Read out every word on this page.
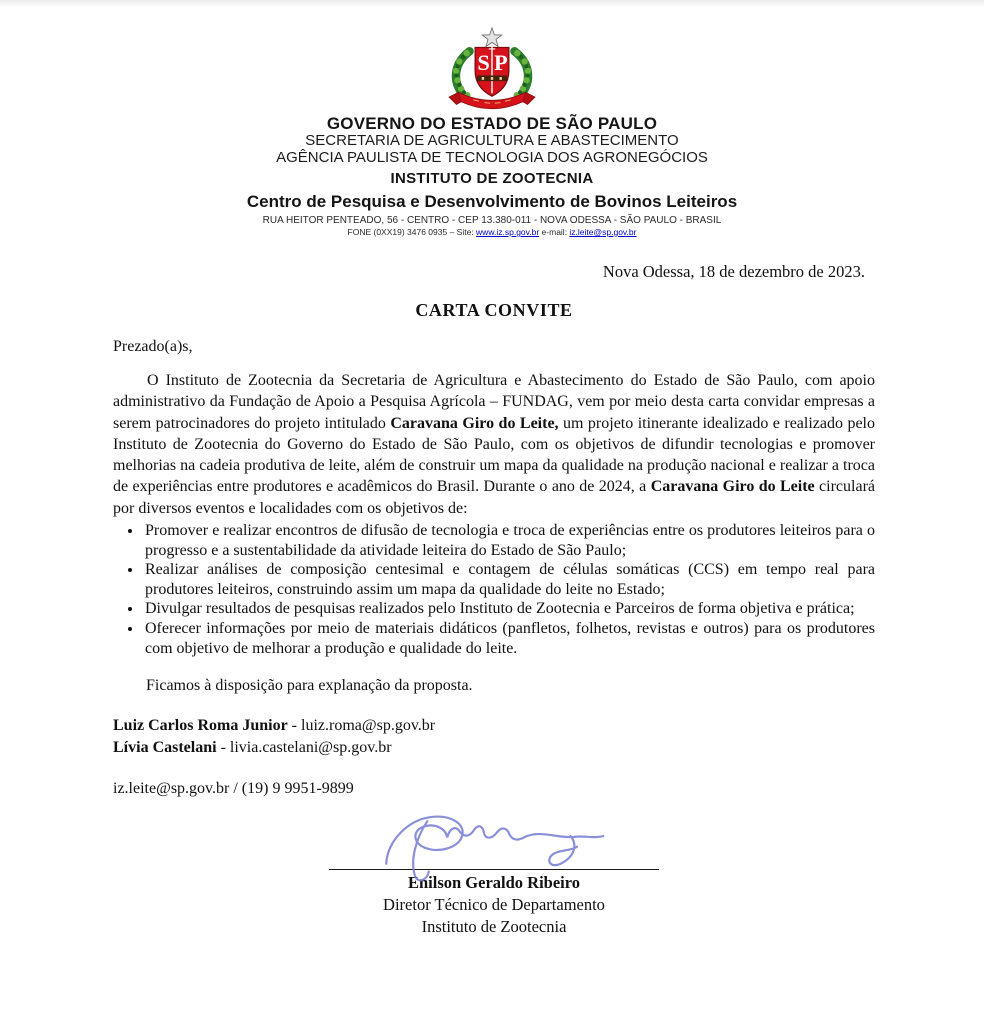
S P
GOVERNO DO ESTADO DE SÃO PAULO
SECRETARIA DE AGRICULTURA E ABASTECIMENTO
AGÊNCIA PAULISTA DE TECNOLOGIA DOS AGRONEGÓCIOS
INSTITUTO DE ZOOTECNIA
Centro de Pesquisa e Desenvolvimento de Bovinos Leiteiros
RUA HEITOR PENTEADO, 56 - CENTRO - CEP 13.380-011 - NOVA ODESSA - SÃO PAULO - BRASIL
FONE (0XX19) 3476 0935 – Site: www.iz.sp.gov.br e-mail: iz.leite@sp.gov.br
Nova Odessa, 18 de dezembro de 2023.
CARTA CONVITE

Prezado(a)s,

O Instituto de Zootecnia da Secretaria de Agricultura e Abastecimento do Estado de São Paulo, com apoio administrativo da Fundação de Apoio a Pesquisa Agrícola – FUNDAG, vem por meio desta carta convidar empresas a serem patrocinadores do projeto intitulado Caravana Giro do Leite, um projeto itinerante idealizado e realizado pelo Instituto de Zootecnia do Governo do Estado de São Paulo, com os objetivos de difundir tecnologias e promover melhorias na cadeia produtiva de leite, além de construir um mapa da qualidade na produção nacional e realizar a troca de experiências entre produtores e acadêmicos do Brasil. Durante o ano de 2024, a Caravana Giro do Leite circulará por diversos eventos e localidades com os objetivos de:

• Promover e realizar encontros de difusão de tecnologia e troca de experiências entre os produtores leiteiros para o progresso e a sustentabilidade da atividade leiteira do Estado de São Paulo;
• Realizar análises de composição centesimal e contagem de células somáticas (CCS) em tempo real para produtores leiteiros, construindo assim um mapa da qualidade do leite no Estado;
• Divulgar resultados de pesquisas realizados pelo Instituto de Zootecnia e Parceiros de forma objetiva e prática;
• Oferecer informações por meio de materiais didáticos (panfletos, folhetos, revistas e outros) para os produtores com objetivo de melhorar a produção e qualidade do leite.

Ficamos à disposição para explanação da proposta.

Luiz Carlos Roma Junior - luiz.roma@sp.gov.br
Lívia Castelani - livia.castelani@sp.gov.br

iz.leite@sp.gov.br / (19) 9 9951-9899

Enilson Geraldo Ribeiro
Diretor Técnico de Departamento
Instituto de Zootecnia
